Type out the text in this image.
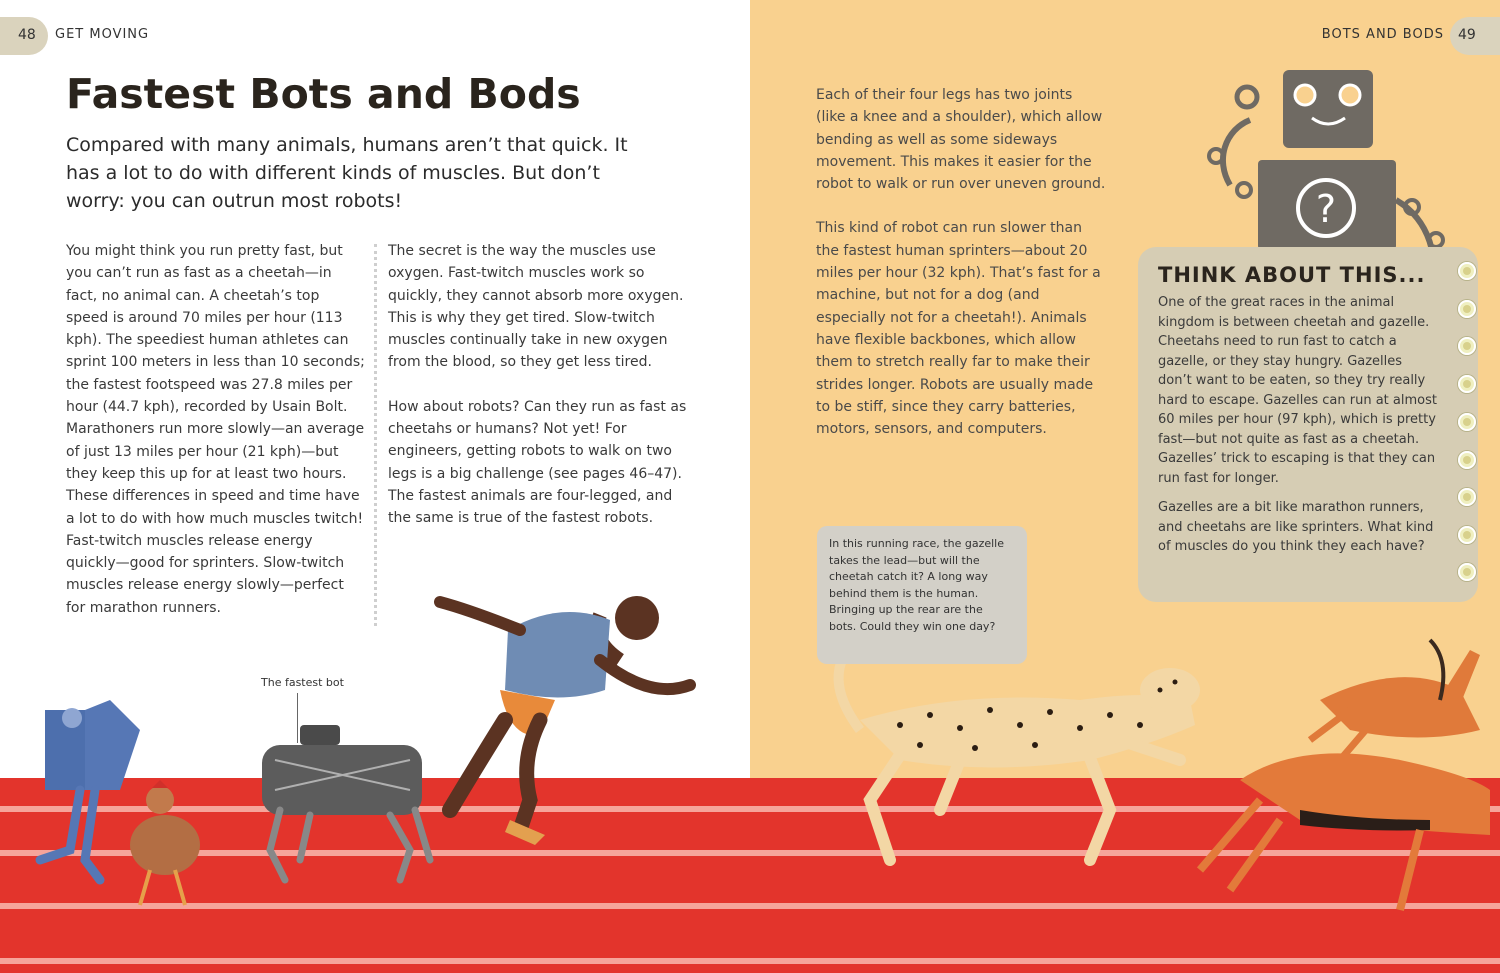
48 GET MOVING	49
BOTS AND BODS
Fastest Bots and Bods
Compared with many animals, humans aren’t that quick. It has a lot to do with different kinds of muscles. But don’t worry: you can outrun most robots!

You might think you run pretty fast, but you can’t run as fast as a cheetah—in fact, no animal can. A cheetah’s top speed is around 70 miles per hour (113 kph). The speediest human athletes can sprint 100 meters in less than 10 seconds; the fastest footspeed was 27.8 miles per hour (44.7 kph), recorded by Usain Bolt. Marathoners run more slowly—an average of just 13 miles per hour (21 kph)—but they keep this up for at least two hours. These differences in speed and time have a lot to do with how much muscles twitch! Fast-twitch muscles release energy quickly—good for sprinters. Slow-twitch muscles release energy slowly—perfect for marathon runners.

The secret is the way the muscles use oxygen. Fast-twitch muscles work so quickly, they cannot absorb more oxygen. This is why they get tired. Slow-twitch muscles continually take in new oxygen from the blood, so they get less tired.

How about robots? Can they run as fast as cheetahs or humans? Not yet! For engineers, getting robots to walk on two legs is a big challenge (see pages 46–47). The fastest animals are four-legged, and the same is true of the fastest robots.

Each of their four legs has two joints (like a knee and a shoulder), which allow bending as well as some sideways movement. This makes it easier for the robot to walk or run over uneven ground.

This kind of robot can run slower than the fastest human sprinters—about 20 miles per hour (32 kph). That’s fast for a machine, but not for a dog (and especially not for a cheetah!). Animals have flexible backbones, which allow them to stretch really far to make their strides longer. Robots are usually made to be stiff, since they carry batteries, motors, sensors, and computers.

?
The fastest bot
In this running race, the gazelle takes the lead—but will the cheetah catch it? A long way behind them is the human. Bringing up the rear are the bots. Could they win one day?
THINK ABOUT THIS...

One of the great races in the animal kingdom is between cheetah and gazelle. Cheetahs need to run fast to catch a gazelle, or they stay hungry. Gazelles don’t want to be eaten, so they try really hard to escape. Gazelles can run at almost 60 miles per hour (97 kph), which is pretty fast—but not quite as fast as a cheetah. Gazelles’ trick to escaping is that they can run fast for longer.

Gazelles are a bit like marathon runners, and cheetahs are like sprinters. What kind of muscles do you think they each have?
